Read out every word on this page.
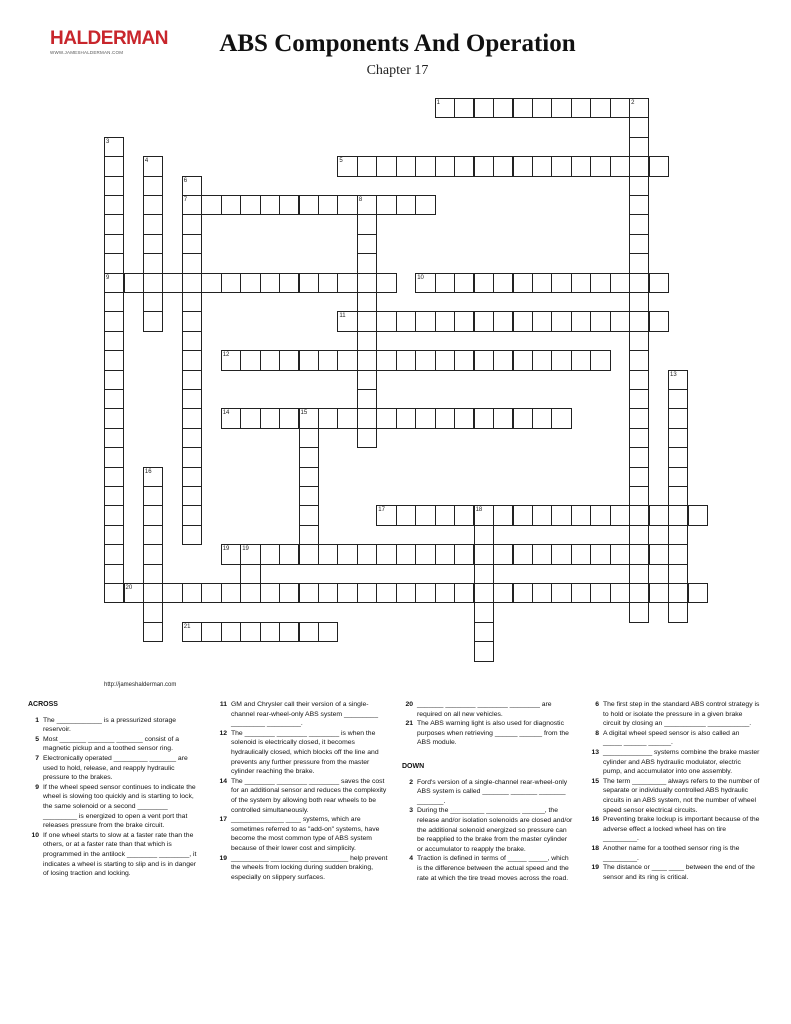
HALDERMAN
WWW.JAMESHALDERMAN.COM	ABS Components And Operation
Chapter 17
1	2
5
7	8
9	10
11
12
14	15
17	18
19 19
20
21
3
4
6
13
16
http://jameshalderman.com
ACROSS
1 The ____________ is a pressurized storage reservoir.
5 Most _______ _______ _______ consist of a magnetic pickup and a toothed sensor ring.
7 Electronically operated _________ _______ are used to hold, release, and reapply hydraulic pressure to the brakes.
9 If the wheel speed sensor continues to indicate the wheel is slowing too quickly and is starting to lock, the same solenoid or a second ________ _________ is energized to open a vent port that releases pressure from the brake circuit.
10 If one wheel starts to slow at a faster rate than the others, or at a faster rate than that which is programmed in the antilock ________ ________, it indicates a wheel is starting to slip and is in danger of losing traction and locking.
11 GM and Chrysler call their version of a single-channel rear-wheel-only ABS system _________ _________ _________.
12 The ________ ________ ________ is when the solenoid is electrically closed, it becomes hydraulically closed, which blocks off the line and prevents any further pressure from the master cylinder reaching the brake.
14 The ________ ________ ________ saves the cost for an additional sensor and reduces the complexity of the system by allowing both rear wheels to be controlled simultaneously.
17 ______________ ____ systems, which are sometimes referred to as "add-on" systems, have become the most common type of ABS system because of their lower cost and simplicity.
19 __________ __________ __________ help prevent the wheels from locking during sudden braking, especially on slippery surfaces.
20 _______ ________ ________ ________ are required on all new vehicles.
21 The ABS warning light is also used for diagnostic purposes when retrieving ______ ______ from the ABS module.
DOWN
2 Ford's version of a single-channel rear-wheel-only ABS system is called _______ _______ _______ _______.
3 During the _________ _________ ______, the release and/or isolation solenoids are closed and/or the additional solenoid energized so pressure can be reapplied to the brake from the master cylinder or accumulator to reapply the brake.
4 Traction is defined in terms of _____ _____, which is the difference between the actual speed and the rate at which the tire tread moves across the road.
6 The first step in the standard ABS control strategy is to hold or isolate the pressure in a given brake circuit by closing an ___________ ___________.
8 A digital wheel speed sensor is also called an _____ ______ ______.
13 _____________ systems combine the brake master cylinder and ABS hydraulic modulator, electric pump, and accumulator into one assembly.
15 The term _________ always refers to the number of separate or individually controlled ABS hydraulic circuits in an ABS system, not the number of wheel speed sensor electrical circuits.
16 Preventing brake lockup is important because of the adverse effect a locked wheel has on tire _________.
18 Another name for a toothed sensor ring is the _________.
19 The distance or ____ ____ between the end of the sensor and its ring is critical.
